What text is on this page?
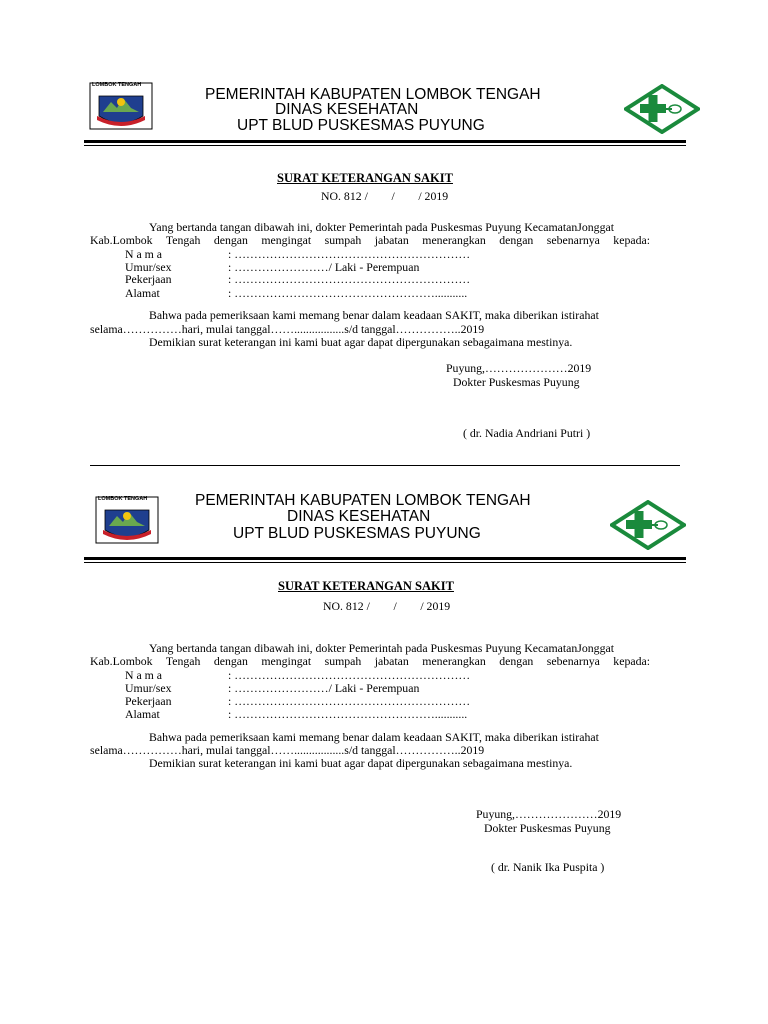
LOMBOK TENGAH
PEMERINTAH KABUPATEN LOMBOK TENGAH
DINAS KESEHATAN
UPT BLUD PUSKESMAS PUYUNG
SURAT KETERANGAN SAKIT
NO. 812 /        /        / 2019
Yang bertanda tangan dibawah ini, dokter Pemerintah pada Puskesmas Puyung KecamatanJonggat
Kab.Lombok Tengah dengan mengingat sumpah jabatan menerangkan dengan sebenarnya kepada:
N a m a	: ……………………………………………………
Umur/sex	: ……………………/ Laki - Perempuan
Pekerjaan	: ……………………………………………………
Alamat	: ……………………………………………...........
Bahwa pada pemeriksaan kami memang benar dalam keadaan SAKIT, maka diberikan istirahat
selama……………hari, mulai tanggal…….................s/d tanggal……………..2019
Demikian surat keterangan ini kami buat agar dapat dipergunakan sebagaimana mestinya.
Puyung,…………………2019
Dokter Puskesmas Puyung
( dr. Nadia Andriani Putri )
LOMBOK TENGAH	PEMERINTAH KABUPATEN LOMBOK TENGAH
DINAS KESEHATAN
UPT BLUD PUSKESMAS PUYUNG
SURAT KETERANGAN SAKIT
NO. 812 /        /        / 2019
Yang bertanda tangan dibawah ini, dokter Pemerintah pada Puskesmas Puyung KecamatanJonggat
Kab.Lombok Tengah dengan mengingat sumpah jabatan menerangkan dengan sebenarnya kepada:
N a m a	: ……………………………………………………
Umur/sex	: ……………………/ Laki - Perempuan
Pekerjaan	: ……………………………………………………
Alamat	: ……………………………………………...........
Bahwa pada pemeriksaan kami memang benar dalam keadaan SAKIT, maka diberikan istirahat
selama……………hari, mulai tanggal…….................s/d tanggal……………..2019
Demikian surat keterangan ini kami buat agar dapat dipergunakan sebagaimana mestinya.
Puyung,…………………2019
Dokter Puskesmas Puyung
( dr. Nanik Ika Puspita )
